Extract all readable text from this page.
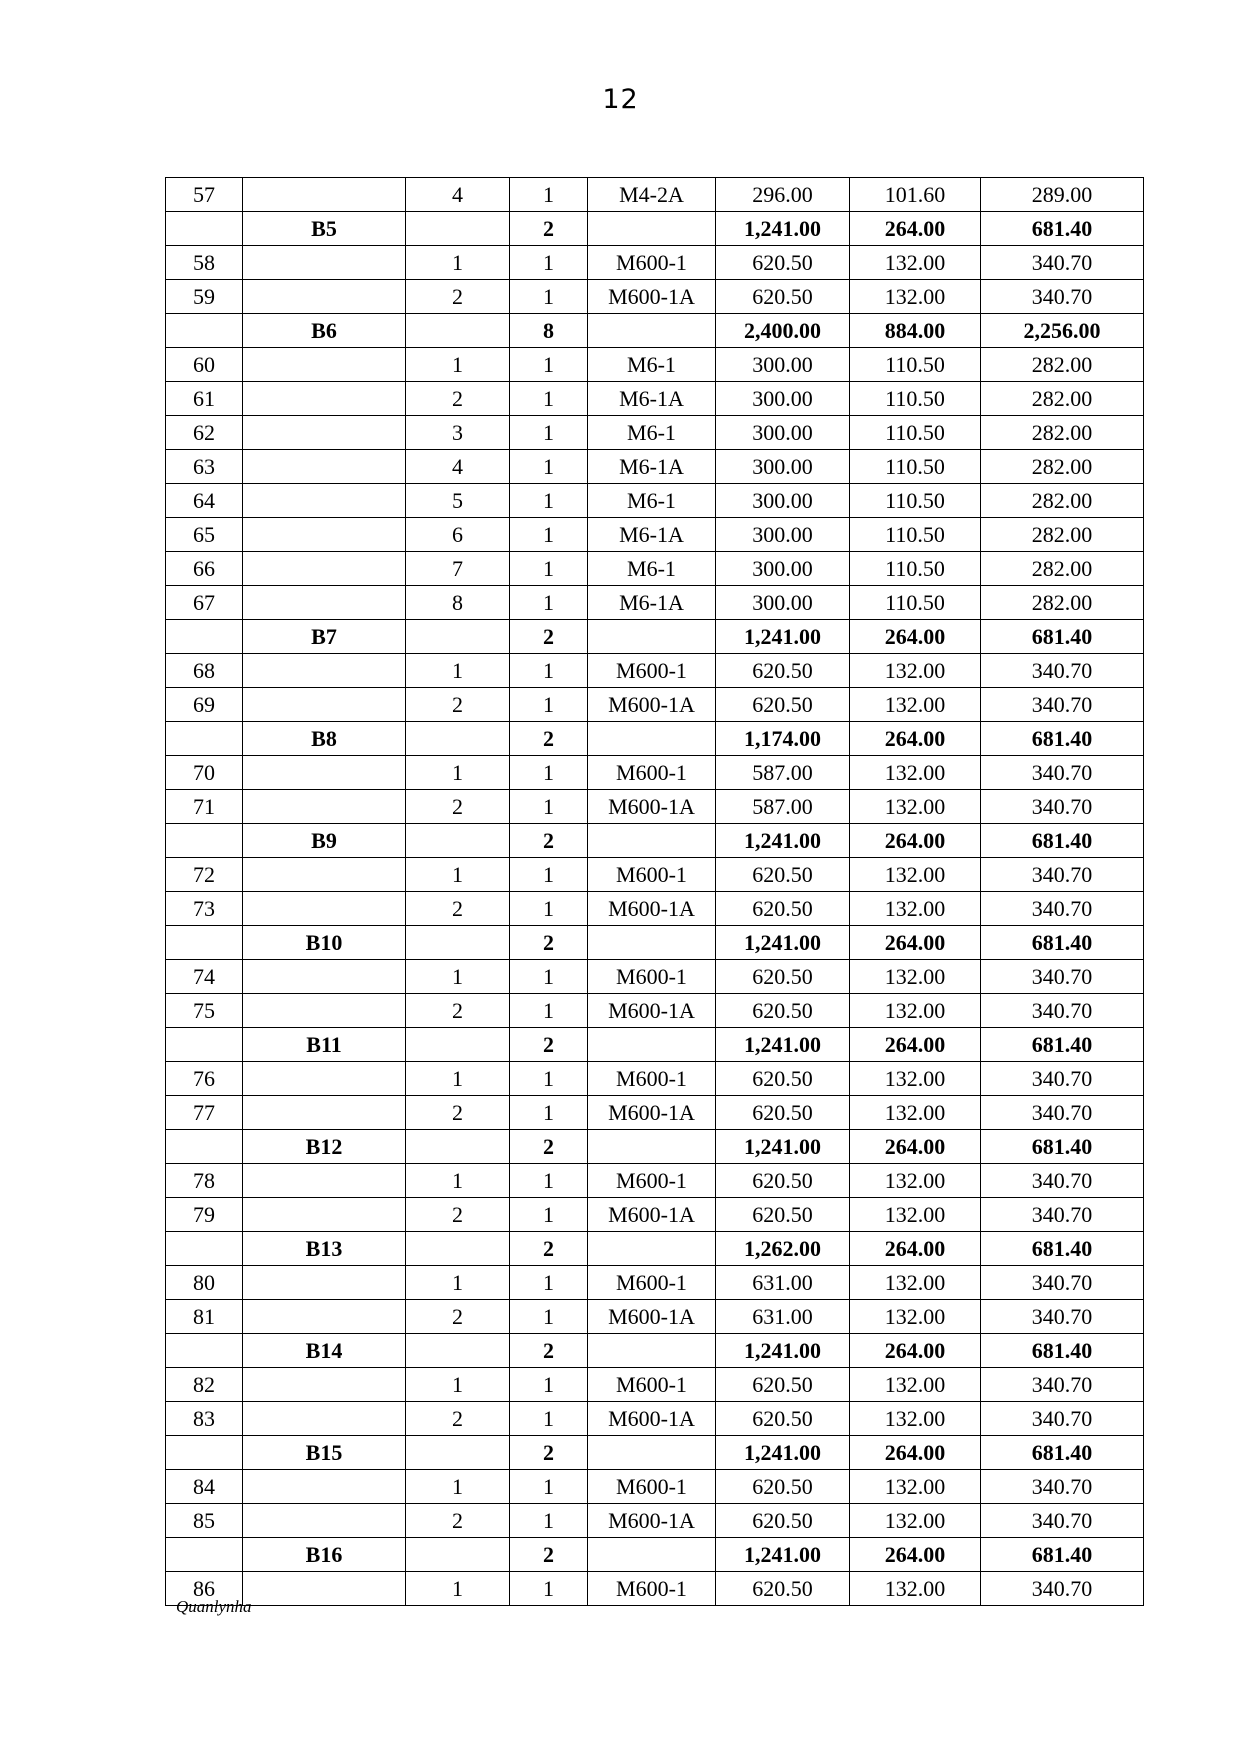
12
57		4	1	M4-2A	296.00	101.60	289.00
	B5		2		1,241.00	264.00	681.40
58		1	1	M600-1	620.50	132.00	340.70
59		2	1	M600-1A	620.50	132.00	340.70
	B6		8		2,400.00	884.00	2,256.00
60		1	1	M6-1	300.00	110.50	282.00
61		2	1	M6-1A	300.00	110.50	282.00
62		3	1	M6-1	300.00	110.50	282.00
63		4	1	M6-1A	300.00	110.50	282.00
64		5	1	M6-1	300.00	110.50	282.00
65		6	1	M6-1A	300.00	110.50	282.00
66		7	1	M6-1	300.00	110.50	282.00
67		8	1	M6-1A	300.00	110.50	282.00
	B7		2		1,241.00	264.00	681.40
68		1	1	M600-1	620.50	132.00	340.70
69		2	1	M600-1A	620.50	132.00	340.70
	B8		2		1,174.00	264.00	681.40
70		1	1	M600-1	587.00	132.00	340.70
71		2	1	M600-1A	587.00	132.00	340.70
	B9		2		1,241.00	264.00	681.40
72		1	1	M600-1	620.50	132.00	340.70
73		2	1	M600-1A	620.50	132.00	340.70
	B10		2		1,241.00	264.00	681.40
74		1	1	M600-1	620.50	132.00	340.70
75		2	1	M600-1A	620.50	132.00	340.70
	B11		2		1,241.00	264.00	681.40
76		1	1	M600-1	620.50	132.00	340.70
77		2	1	M600-1A	620.50	132.00	340.70
	B12		2		1,241.00	264.00	681.40
78		1	1	M600-1	620.50	132.00	340.70
79		2	1	M600-1A	620.50	132.00	340.70
	B13		2		1,262.00	264.00	681.40
80		1	1	M600-1	631.00	132.00	340.70
81		2	1	M600-1A	631.00	132.00	340.70
	B14		2		1,241.00	264.00	681.40
82		1	1	M600-1	620.50	132.00	340.70
83		2	1	M600-1A	620.50	132.00	340.70
	B15		2		1,241.00	264.00	681.40
84		1	1	M600-1	620.50	132.00	340.70
85		2	1	M600-1A	620.50	132.00	340.70
	B16		2		1,241.00	264.00	681.40
86		1	1	M600-1	620.50	132.00	340.70
Quanlynha
